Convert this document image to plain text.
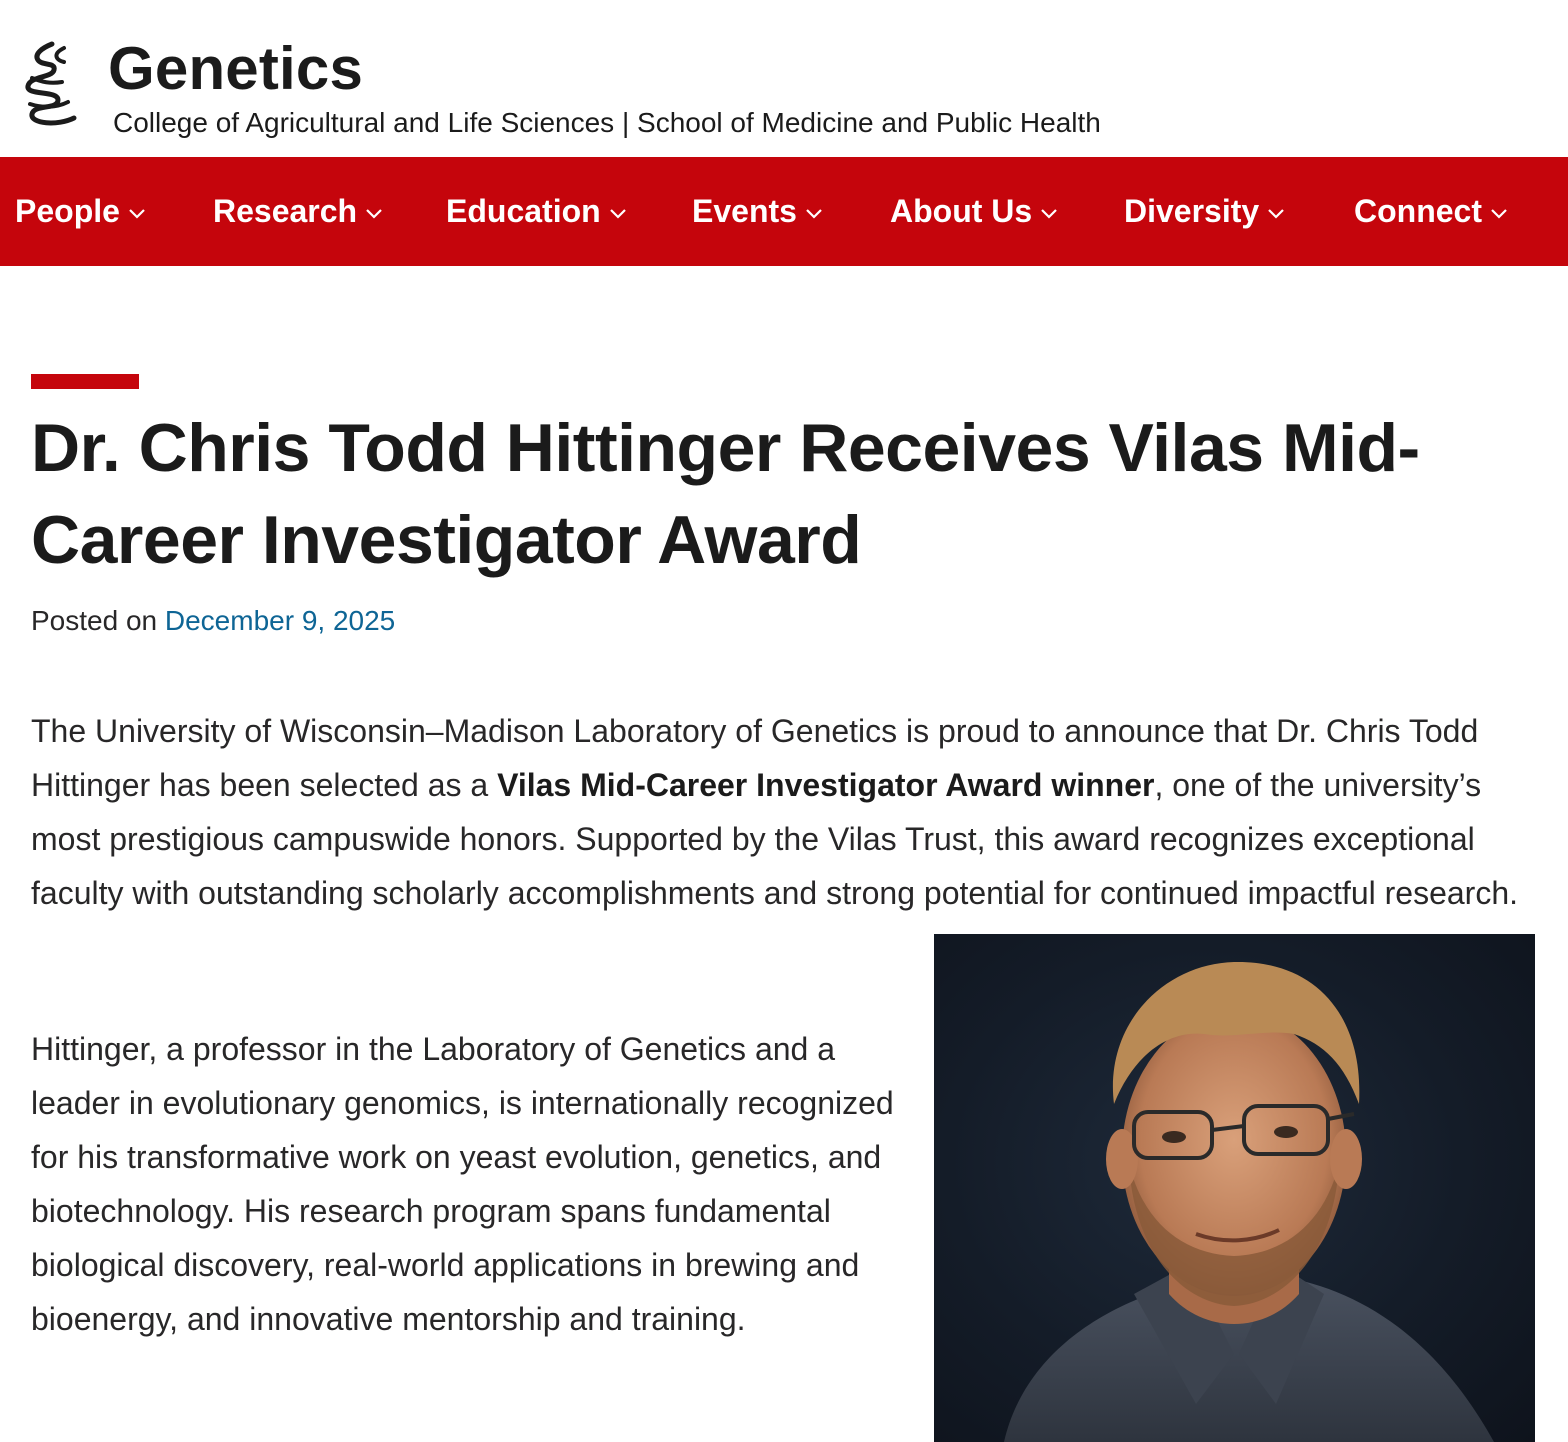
Genetics
College of Agricultural and Life Sciences | School of Medicine and Public Health
People	Research	Education	Events	About Us	Diversity	Connect
Dr. Chris Todd Hittinger Receives Vilas Mid-Career Investigator Award
Posted on December 9, 2025

The University of Wisconsin–Madison Laboratory of Genetics is proud to announce that Dr. Chris Todd Hittinger has been selected as a Vilas Mid-Career Investigator Award winner, one of the university’s most prestigious campuswide honors. Supported by the Vilas Trust, this award recognizes exceptional faculty with outstanding scholarly accomplishments and strong potential for continued impactful research.

Hittinger, a professor in the Laboratory of Genetics and a leader in evolutionary genomics, is internationally recognized for his transformative work on yeast evolution, genetics, and biotechnology. His research program spans fundamental biological discovery, real-world applications in brewing and bioenergy, and innovative mentorship and training.
